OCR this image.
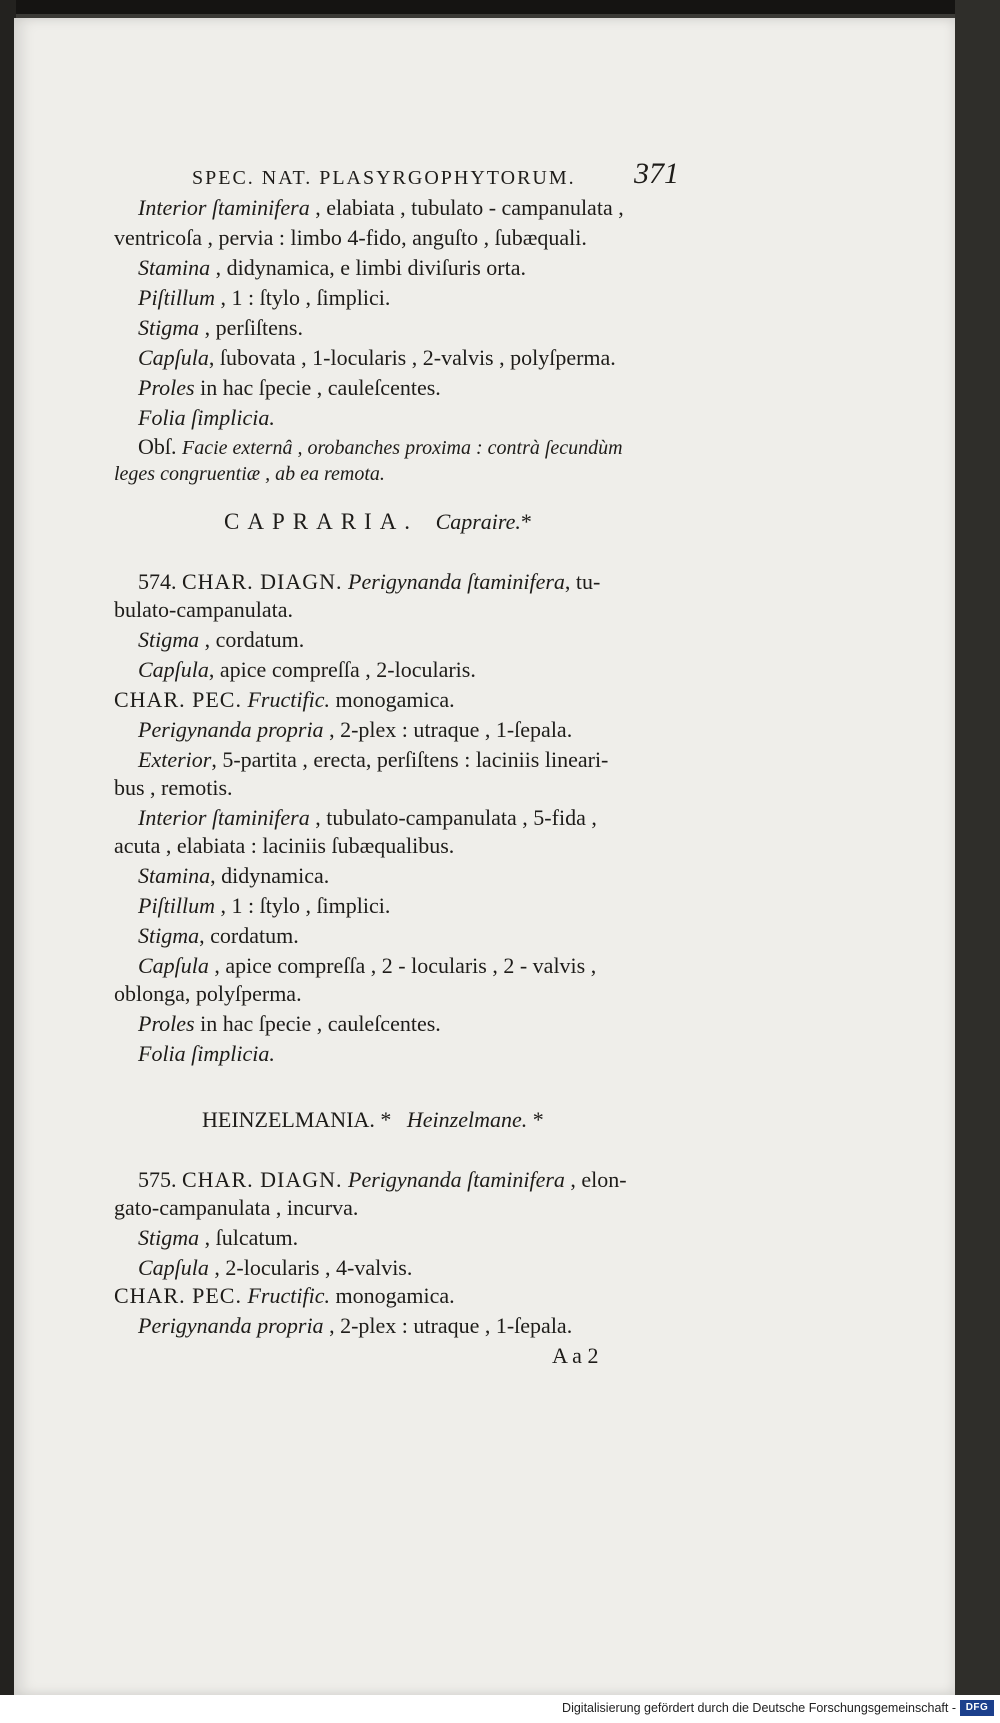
SPEC. NAT. PLASYRGOPHYTORUM. 371
Interior ſtaminifera , elabiata , tubulato - campanulata ,
ventricoſa , pervia : limbo 4-fido, anguſto , ſubæquali.
Stamina , didynamica, e limbi diviſuris orta.
Piſtillum , 1 : ſtylo , ſimplici.
Stigma , perſiſtens.
Capſula, ſubovata , 1-locularis , 2-valvis , polyſperma.
Proles in hac ſpecie , cauleſcentes.
Folia ſimplicia.
Obſ. Facie externâ , orobanches proxima : contrà ſecundùm
leges congruentiæ , ab ea remota.
CAPRARIA. Capraire.*
574. CHAR. DIAGN. Perigynanda ſtaminifera, tu-
bulato-campanulata.
Stigma , cordatum.
Capſula, apice compreſſa , 2-locularis.
CHAR. PEC. Fructific. monogamica.
Perigynanda propria , 2-plex : utraque , 1-ſepala.
Exterior, 5-partita , erecta, perſiſtens : laciniis lineari-
bus , remotis.
Interior ſtaminifera , tubulato-campanulata , 5-fida ,
acuta , elabiata : laciniis ſubæqualibus.
Stamina, didynamica.
Piſtillum , 1 : ſtylo , ſimplici.
Stigma, cordatum.
Capſula , apice compreſſa , 2 - locularis , 2 - valvis ,
oblonga, polyſperma.
Proles in hac ſpecie , cauleſcentes.
Folia ſimplicia.
HEINZELMANIA. * Heinzelmane. *
575. CHAR. DIAGN. Perigynanda ſtaminifera , elon-
gato-campanulata , incurva.
Stigma , ſulcatum.
Capſula , 2-locularis , 4-valvis.
CHAR. PEC. Fructific. monogamica.
Perigynanda propria , 2-plex : utraque , 1-ſepala.
A a 2
Digitalisierung gefördert durch die Deutsche Forschungsgemeinschaft - DFG
